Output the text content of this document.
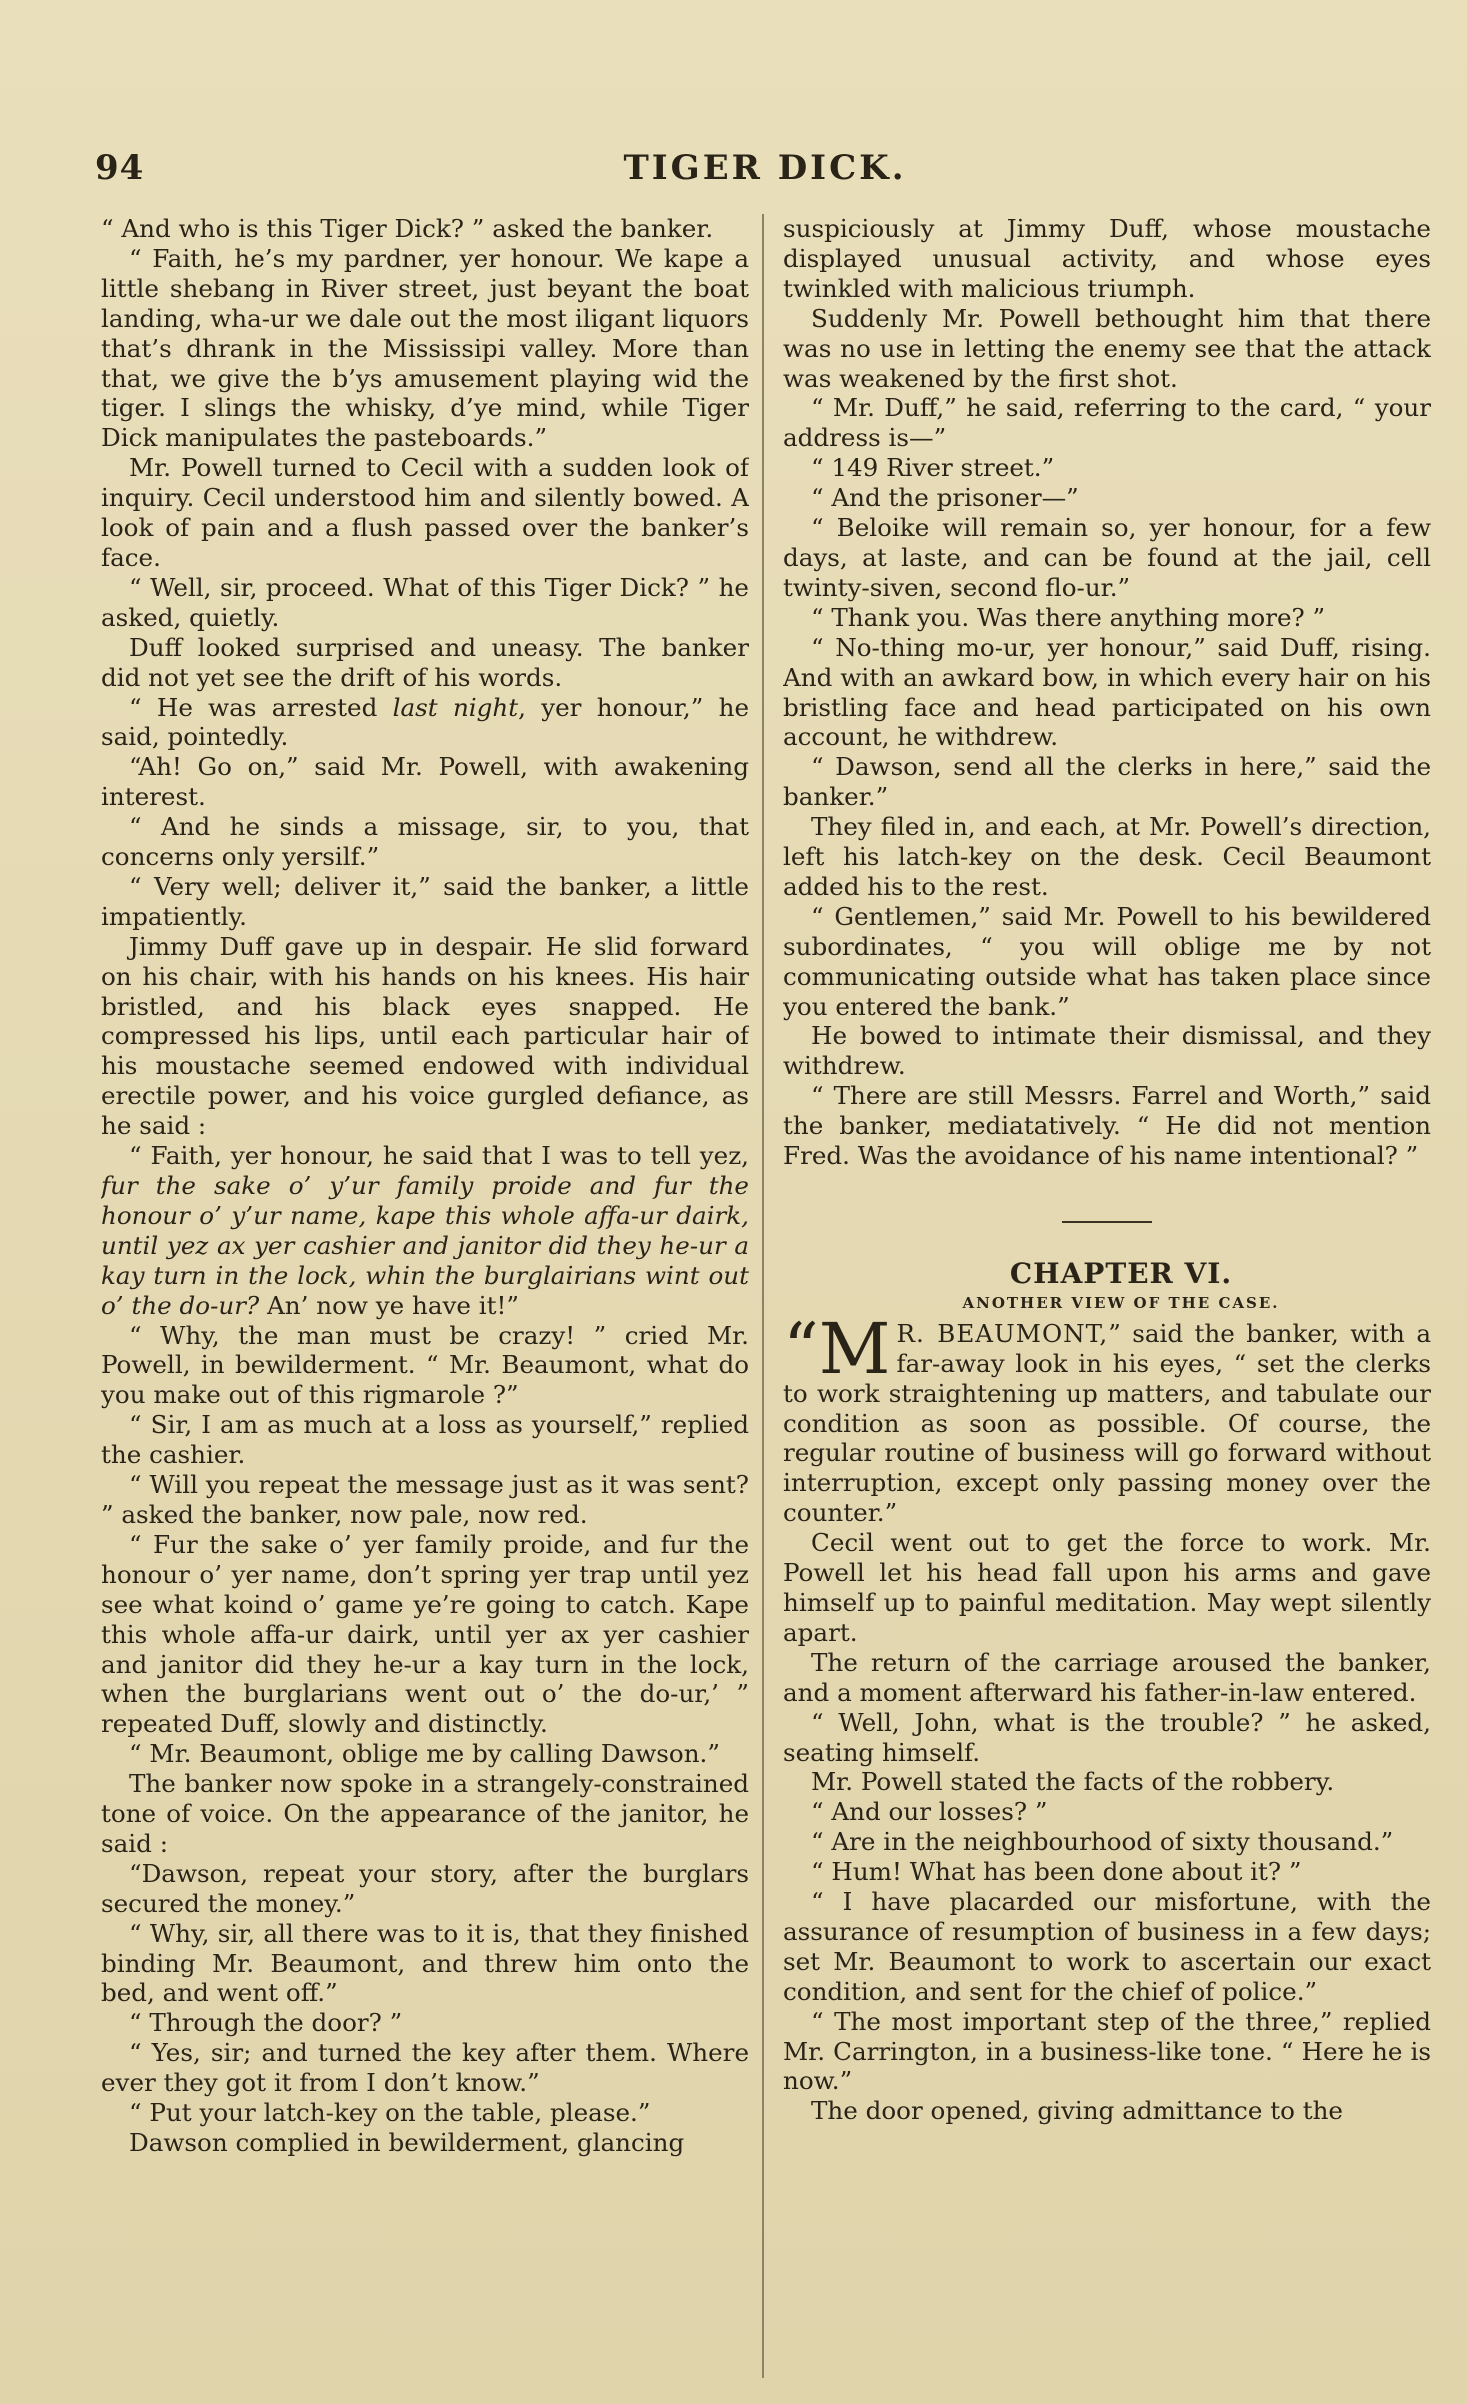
94	TIGER DICK.

“ And who is this Tiger Dick? ” asked the banker.

“ Faith, he’s my pardner, yer honour. We kape a little shebang in River street, just beyant the boat landing, wha-ur we dale out the most iligant liquors that’s dhrank in the Mississipi valley. More than that, we give the b’ys amusement playing wid the tiger. I slings the whisky, d’ye mind, while Tiger Dick manipulates the pasteboards.”

Mr. Powell turned to Cecil with a sudden look of inquiry. Cecil understood him and silently bowed. A look of pain and a flush passed over the banker’s face.

“ Well, sir, proceed. What of this Tiger Dick? ” he asked, quietly.

Duff looked surprised and uneasy. The banker did not yet see the drift of his words.

“ He was arrested last night, yer honour,” he said, pointedly.

“Ah! Go on,” said Mr. Powell, with awakening interest.

“ And he sinds a missage, sir, to you, that concerns only yersilf.”

“ Very well; deliver it,” said the banker, a little impatiently.

Jimmy Duff gave up in despair. He slid forward on his chair, with his hands on his knees. His hair bristled, and his black eyes snapped. He compressed his lips, until each particular hair of his moustache seemed endowed with individual erectile power, and his voice gurgled defiance, as he said :

“ Faith, yer honour, he said that I was to tell yez, fur the sake o’ y’ur family proide and fur the honour o’ y’ur name, kape this whole affa-ur dairk, until yez ax yer cashier and janitor did they he-ur a kay turn in the lock, whin the burglairians wint out o’ the do-ur? An’ now ye have it!”

“ Why, the man must be crazy! ” cried Mr. Powell, in bewilderment. “ Mr. Beaumont, what do you make out of this rigmarole ?”

“ Sir, I am as much at a loss as yourself,” replied the cashier.

“ Will you repeat the message just as it was sent? ” asked the banker, now pale, now red.

“ Fur the sake o’ yer family proide, and fur the honour o’ yer name, don’t spring yer trap until yez see what koind o’ game ye’re going to catch. Kape this whole affa-ur dairk, until yer ax yer cashier and janitor did they he-ur a kay turn in the lock, when the burglarians went out o’ the do-ur,’ ” repeated Duff, slowly and distinctly.

“ Mr. Beaumont, oblige me by calling Dawson.”

The banker now spoke in a strangely-constrained tone of voice. On the appearance of the janitor, he said :

“Dawson, repeat your story, after the burglars secured the money.”

“ Why, sir, all there was to it is, that they finished binding Mr. Beaumont, and threw him onto the bed, and went off.”

“ Through the door? ”

“ Yes, sir; and turned the key after them. Where ever they got it from I don’t know.”

“ Put your latch-key on the table, please.”

Dawson complied in bewilderment, glancing

suspiciously at Jimmy Duff, whose moustache displayed unusual activity, and whose eyes twinkled with malicious triumph.

Suddenly Mr. Powell bethought him that there was no use in letting the enemy see that the attack was weakened by the first shot.

“ Mr. Duff,” he said, referring to the card, “ your address is—”

“ 149 River street.”

“ And the prisoner—”

“ Beloike will remain so, yer honour, for a few days, at laste, and can be found at the jail, cell twinty-siven, second flo-ur.”

“ Thank you. Was there anything more? ”

“ No-thing mo-ur, yer honour,” said Duff, rising. And with an awkard bow, in which every hair on his bristling face and head participated on his own account, he withdrew.

“ Dawson, send all the clerks in here,” said the banker.”

They filed in, and each, at Mr. Powell’s direction, left his latch-key on the desk. Cecil Beaumont added his to the rest.

“ Gentlemen,” said Mr. Powell to his bewildered subordinates, “ you will oblige me by not communicating outside what has taken place since you entered the bank.”

He bowed to intimate their dismissal, and they withdrew.

“ There are still Messrs. Farrel and Worth,” said the banker, mediatatively. “ He did not mention Fred. Was the avoidance of his name intentional? ”

CHAPTER VI.

ANOTHER VIEW OF THE CASE.

“M R. BEAUMONT,” said the banker, with a far-away look in his eyes, “ set the clerks to work straightening up matters, and tabulate our condition as soon as possible. Of course, the regular routine of business will go forward without interruption, except only passing money over the counter.”

Cecil went out to get the force to work. Mr. Powell let his head fall upon his arms and gave himself up to painful meditation. May wept silently apart.

The return of the carriage aroused the banker, and a moment afterward his father-in-law entered.

“ Well, John, what is the trouble? ” he asked, seating himself.

Mr. Powell stated the facts of the robbery.

“ And our losses? ”

“ Are in the neighbourhood of sixty thousand.”

“ Hum! What has been done about it? ”

“ I have placarded our misfortune, with the assurance of resumption of business in a few days; set Mr. Beaumont to work to ascertain our exact condition, and sent for the chief of police.”

“ The most important step of the three,” replied Mr. Carrington, in a business-like tone. “ Here he is now.”

The door opened, giving admittance to the
